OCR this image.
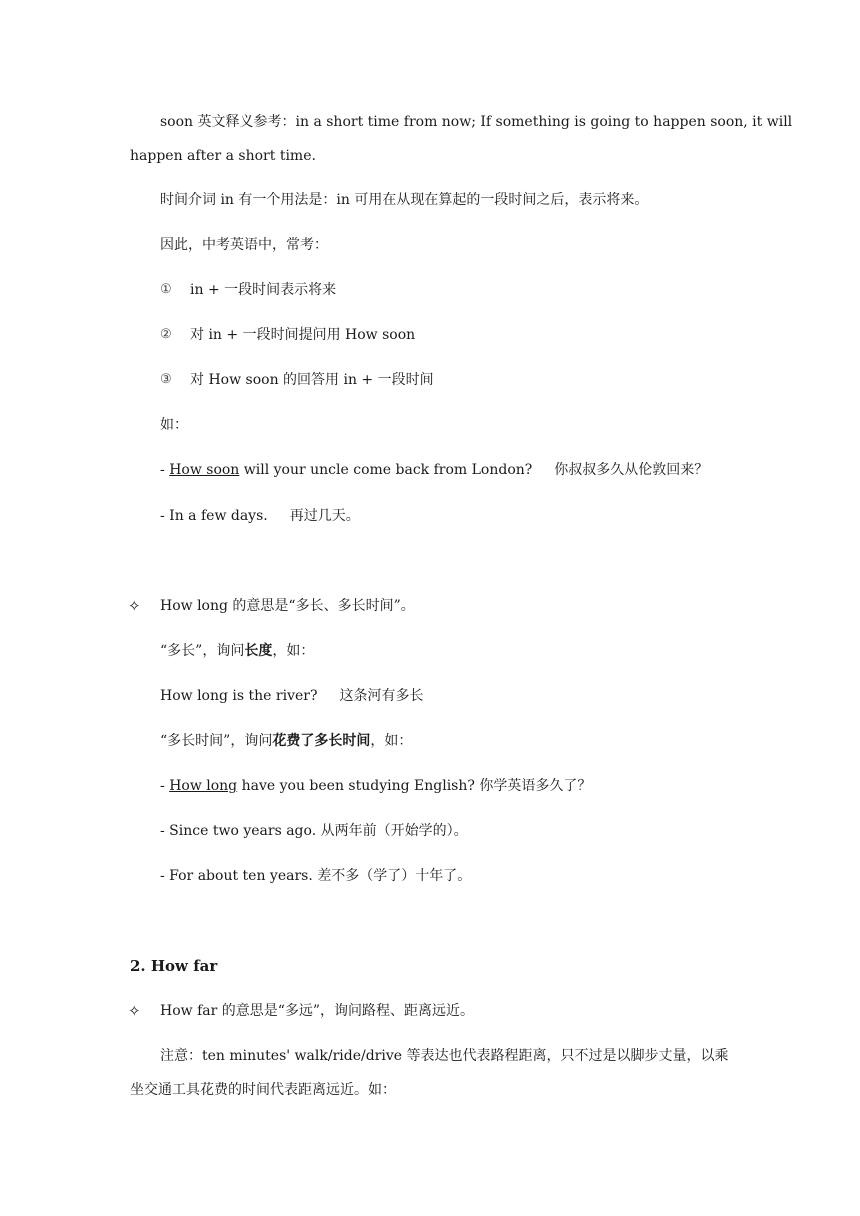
soon 英文释义参考：in a short time from now; If something is going to happen soon, it will
happen after a short time.
时间介词 in 有一个用法是：in 可用在从现在算起的一段时间之后，表示将来。
因此，中考英语中，常考：
① in + 一段时间表示将来
② 对 in + 一段时间提问用 How soon
③ 对 How soon 的回答用 in + 一段时间
如：
- How soon will your uncle come back from London? 你叔叔多久从伦敦回来？
- In a few days. 再过几天。
✧ How long 的意思是“多长、多长时间”。
“多长”，询问长度，如：
How long is the river? 这条河有多长
“多长时间”，询问花费了多长时间，如：
- How long have you been studying English? 你学英语多久了？
- Since two years ago. 从两年前（开始学的）。
- For about ten years. 差不多（学了）十年了。
2. How far
✧ How far 的意思是“多远”，询问路程、距离远近。
注意：ten minutes' walk/ride/drive 等表达也代表路程距离，只不过是以脚步丈量，以乘
坐交通工具花费的时间代表距离远近。如：
